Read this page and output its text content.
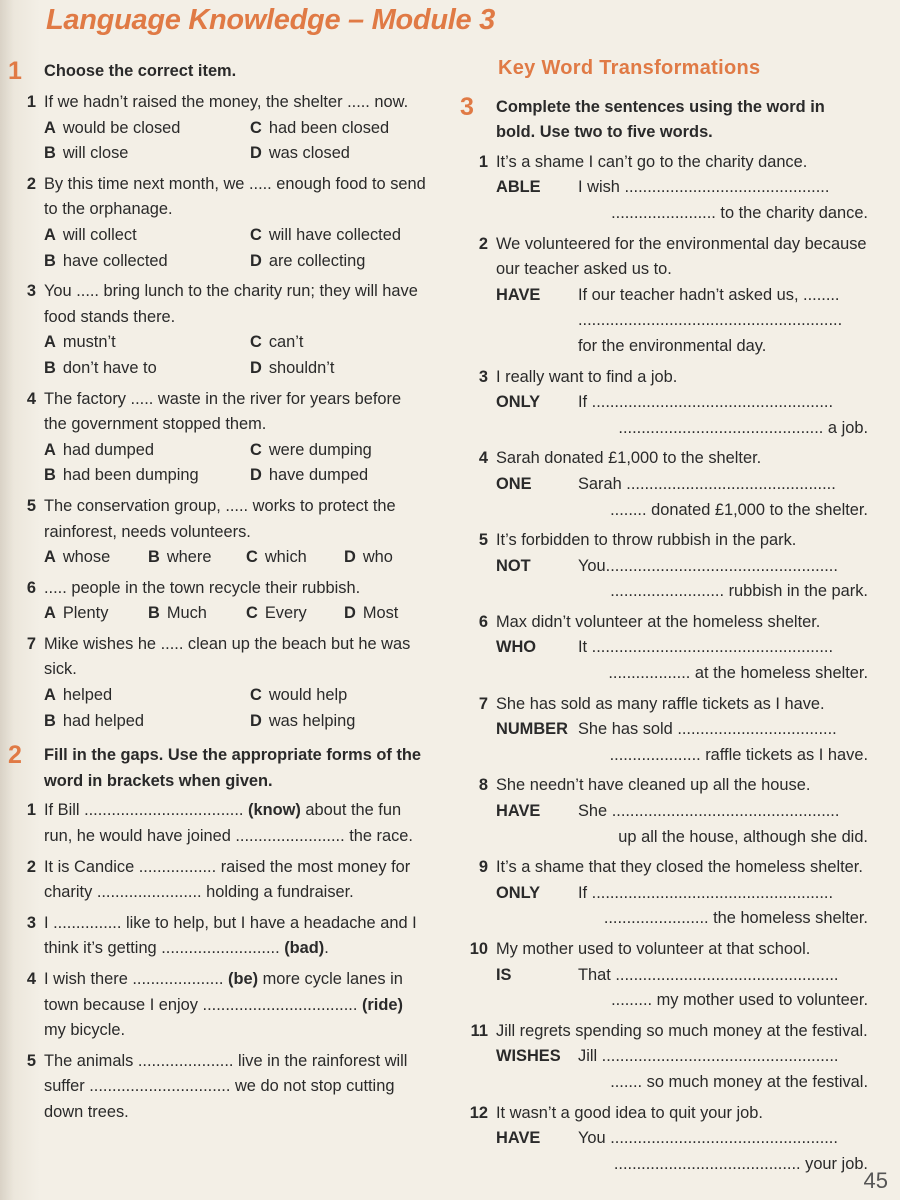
Language Knowledge – Module 3
1	Choose the correct item.
1 If we hadn’t raised the money, the shelter ..... now.
A would be closed	C had been closed
B will close	D was closed
2 By this time next month, we ..... enough food to send to the orphanage.
A will collect	C will have collected
B have collected	D are collecting
3 You ..... bring lunch to the charity run; they will have food stands there.
A mustn’t	C can’t
B don’t have to	D shouldn’t
4 The factory ..... waste in the river for years before the government stopped them.
A had dumped	C were dumping
B had been dumping	D have dumped
5 The conservation group, ..... works to protect the rainforest, needs volunteers.
A whose	B where	C which	D who
6 ..... people in the town recycle their rubbish.
A Plenty	B Much	C Every	D Most
7 Mike wishes he ..... clean up the beach but he was sick.
A helped	C would help
B had helped	D was helping
2	Fill in the gaps. Use the appropriate forms of the word in brackets when given.
1 If Bill ................................... (know) about the fun run, he would have joined ........................ the race.
2 It is Candice ................. raised the most money for charity ....................... holding a fundraiser.
3 I ............... like to help, but I have a headache and I think it’s getting .......................... (bad).
4 I wish there .................... (be) more cycle lanes in town because I enjoy .................................. (ride) my bicycle.
5 The animals ..................... live in the rainforest will suffer ............................... we do not stop cutting down trees.
Key Word Transformations
3	Complete the sentences using the word in bold. Use two to five words.
1 It’s a shame I can’t go to the charity dance.
ABLE	I wish .............................................
....................... to the charity dance.
2 We volunteered for the environmental day because our teacher asked us to.
HAVE	If our teacher hadn’t asked us, ........
..........................................................
for the environmental day.
3 I really want to find a job.
ONLY	If .....................................................
............................................. a job.
4 Sarah donated £1,000 to the shelter.
ONE	Sarah ..............................................
........ donated £1,000 to the shelter.
5 It’s forbidden to throw rubbish in the park.
NOT	You...................................................
......................... rubbish in the park.
6 Max didn’t volunteer at the homeless shelter.
WHO	It .....................................................
.................. at the homeless shelter.
7 She has sold as many raffle tickets as I have.
NUMBER She has sold ...................................
.................... raffle tickets as I have.
8 She needn’t have cleaned up all the house.
HAVE	She ..................................................
up all the house, although she did.
9 It’s a shame that they closed the homeless shelter.
ONLY	If .....................................................
....................... the homeless shelter.
10 My mother used to volunteer at that school.
IS	That .................................................
......... my mother used to volunteer.
11 Jill regrets spending so much money at the festival.
WISHES	Jill ....................................................
....... so much money at the festival.
12 It wasn’t a good idea to quit your job.
HAVE	You ..................................................
......................................... your job.
45
